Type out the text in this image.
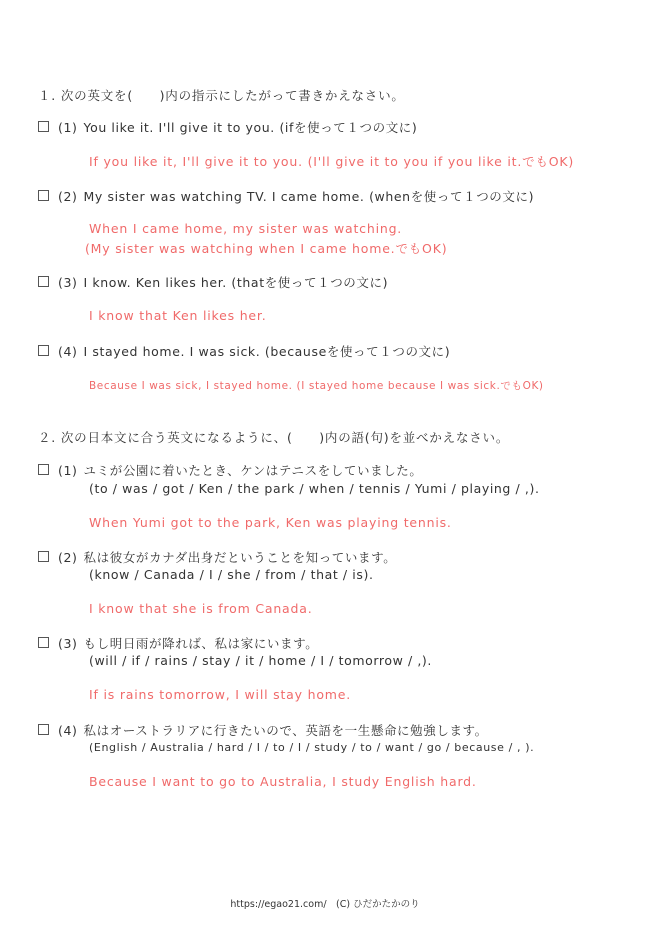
１. 次の英文を(　　)内の指示にしたがって書きかえなさい。
(1) You like it. I'll give it to you. (ifを使って１つの文に)
If you like it, I'll give it to you. (I'll give it to you if you like it.でもOK)
(2) My sister was watching TV. I came home. (whenを使って１つの文に)
When I came home, my sister was watching.
(My sister was watching when I came home.でもOK)
(3) I know. Ken likes her. (thatを使って１つの文に)
I know that Ken likes her.
(4) I stayed home. I was sick. (becauseを使って１つの文に)
Because I was sick, I stayed home. (I stayed home because I was sick.でもOK)
２. 次の日本文に合う英文になるように、(　　)内の語(句)を並べかえなさい。
(1) ユミが公園に着いたとき、ケンはテニスをしていました。
(to / was / got / Ken / the park / when / tennis / Yumi / playing / ,).
When Yumi got to the park, Ken was playing tennis.
(2) 私は彼女がカナダ出身だということを知っています。
(know / Canada / I / she / from / that / is).
I know that she is from Canada.
(3) もし明日雨が降れば、私は家にいます。
(will / if / rains / stay / it / home / I / tomorrow / ,).
If is rains tomorrow, I will stay home.
(4) 私はオーストラリアに行きたいので、英語を一生懸命に勉強します。
(English / Australia / hard / I / to / I / study / to / want / go / because / , ).
Because I want to go to Australia, I study English hard.
https://egao21.com/　(C) ひだかたかのり
